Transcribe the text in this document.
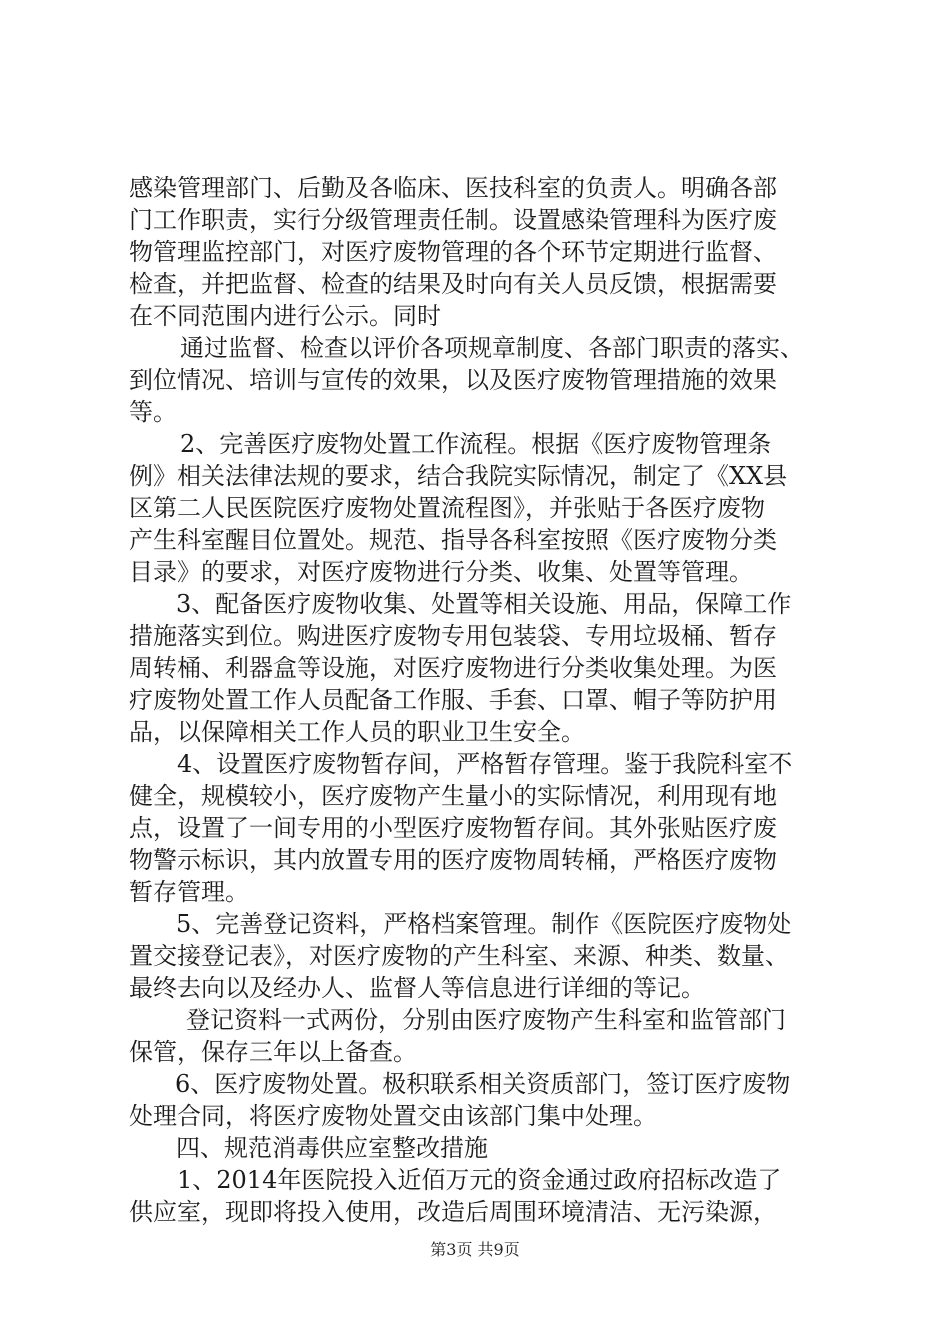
感染管理部门、后勤及各临床、医技科室的负责人。明确各部
门工作职责，实行分级管理责任制。设置感染管理科为医疗废
物管理监控部门，对医疗废物管理的各个环节定期进行监督、
检查，并把监督、检查的结果及时向有关人员反馈，根据需要
在不同范围内进行公示。同时
通过监督、检查以评价各项规章制度、各部门职责的落实、
到位情况、培训与宣传的效果，以及医疗废物管理措施的效果
等。
2、完善医疗废物处置工作流程。根据《医疗废物管理条
例》相关法律法规的要求，结合我院实际情况，制定了《XX县
区第二人民医院医疗废物处置流程图》，并张贴于各医疗废物
产生科室醒目位置处。规范、指导各科室按照《医疗废物分类
目录》的要求，对医疗废物进行分类、收集、处置等管理。
3、配备医疗废物收集、处置等相关设施、用品，保障工作
措施落实到位。购进医疗废物专用包装袋、专用垃圾桶、暂存
周转桶、利器盒等设施，对医疗废物进行分类收集处理。为医
疗废物处置工作人员配备工作服、手套、口罩、帽子等防护用
品，以保障相关工作人员的职业卫生安全。
4、设置医疗废物暂存间，严格暂存管理。鉴于我院科室不
健全，规模较小，医疗废物产生量小的实际情况，利用现有地
点，设置了一间专用的小型医疗废物暂存间。其外张贴医疗废
物警示标识，其内放置专用的医疗废物周转桶，严格医疗废物
暂存管理。
5、完善登记资料，严格档案管理。制作《医院医疗废物处
置交接登记表》，对医疗废物的产生科室、来源、种类、数量、
最终去向以及经办人、监督人等信息进行详细的等记。
登记资料一式两份，分别由医疗废物产生科室和监管部门
保管，保存三年以上备查。
6、医疗废物处置。极积联系相关资质部门，签订医疗废物
处理合同，将医疗废物处置交由该部门集中处理。
四、规范消毒供应室整改措施
1、2014年医院投入近佰万元的资金通过政府招标改造了
供应室，现即将投入使用，改造后周围环境清洁、无污染源，
第3页 共9页
